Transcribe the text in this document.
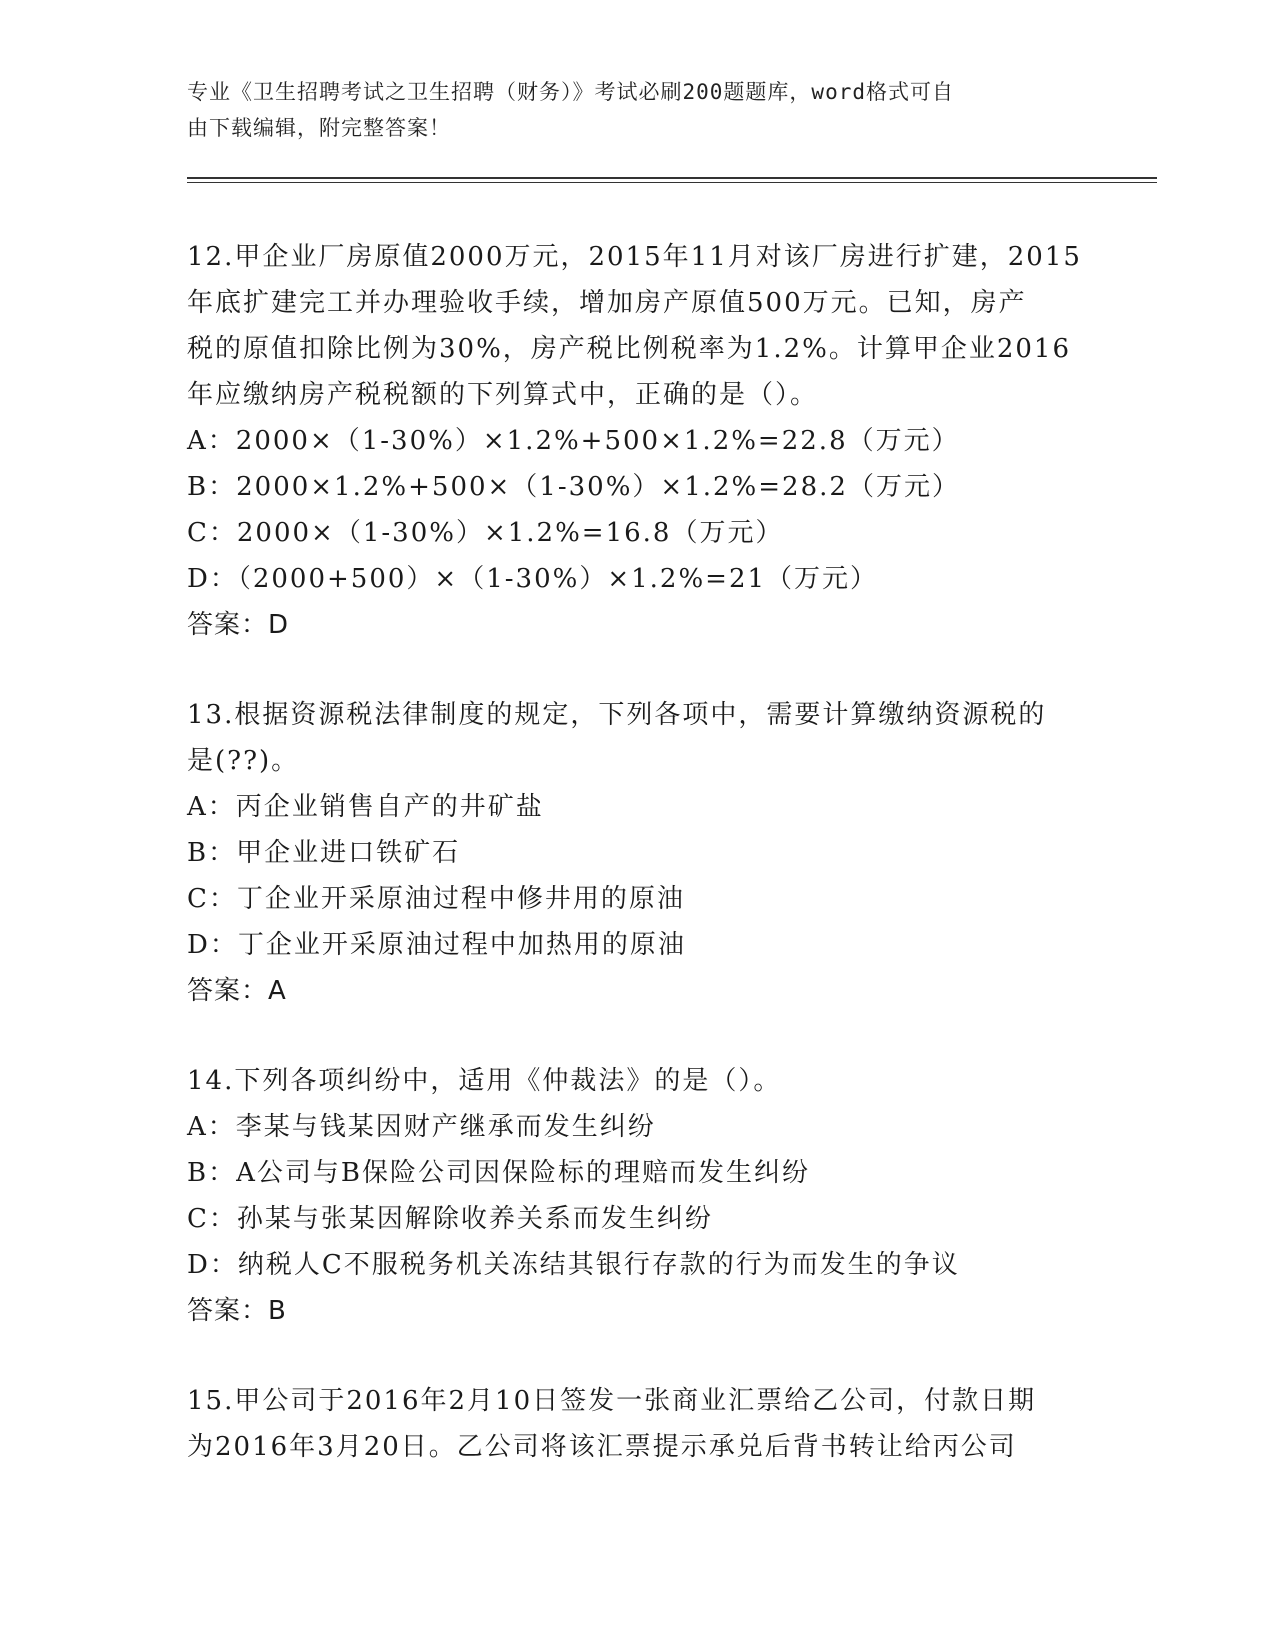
专业《卫生招聘考试之卫生招聘（财务）》考试必刷200题题库，word格式可自
由下载编辑，附完整答案！
12.甲企业厂房原值2000万元，2015年11月对该厂房进行扩建，2015
年底扩建完工并办理验收手续，增加房产原值500万元。已知，房产
税的原值扣除比例为30%，房产税比例税率为1.2%。计算甲企业2016
年应缴纳房产税税额的下列算式中，正确的是（）。
A：2000×（1-30%）×1.2%+500×1.2%=22.8（万元）
B：2000×1.2%+500×（1-30%）×1.2%=28.2（万元）
C：2000×（1-30%）×1.2%=16.8（万元）
D：（2000+500）×（1-30%）×1.2%=21（万元）
答案：D
13.根据资源税法律制度的规定，下列各项中，需要计算缴纳资源税的
是(??)。
A：丙企业销售自产的井矿盐
B：甲企业进口铁矿石
C：丁企业开采原油过程中修井用的原油
D：丁企业开采原油过程中加热用的原油
答案：A
14.下列各项纠纷中，适用《仲裁法》的是（）。
A：李某与钱某因财产继承而发生纠纷
B：A公司与B保险公司因保险标的理赔而发生纠纷
C：孙某与张某因解除收养关系而发生纠纷
D：纳税人C不服税务机关冻结其银行存款的行为而发生的争议
答案：B
15.甲公司于2016年2月10日签发一张商业汇票给乙公司，付款日期
为2016年3月20日。乙公司将该汇票提示承兑后背书转让给丙公司
